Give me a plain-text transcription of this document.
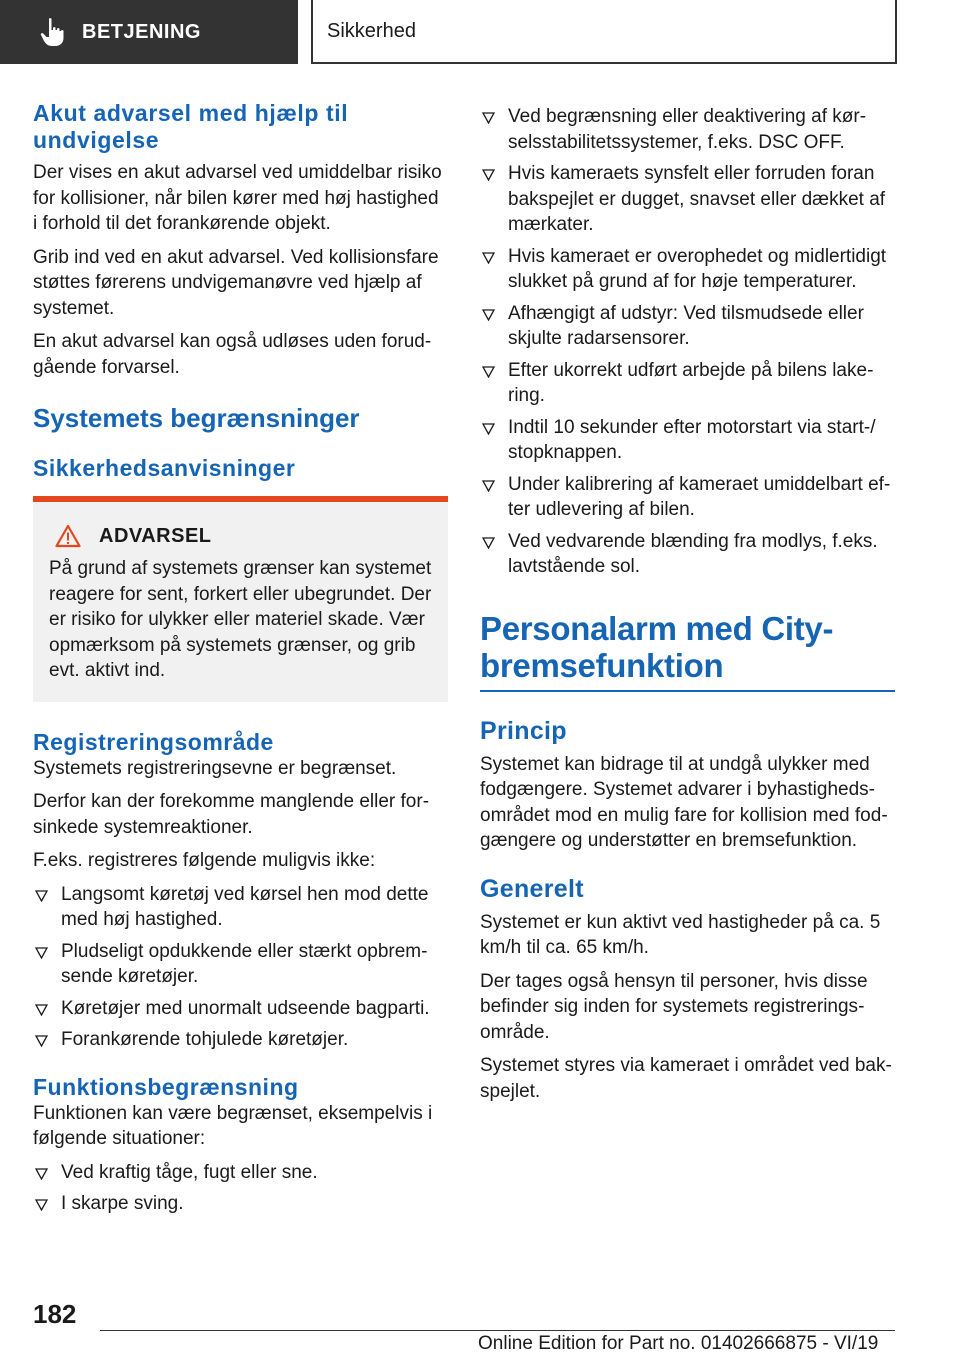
BETJENING	Sikkerhed
Akut advarsel med hjælp til undvigelse

Der vises en akut advarsel ved umiddelbar risiko for kollisioner, når bilen kører med høj hastighed i forhold til det forankørende objekt.

Grib ind ved en akut advarsel. Ved kollisionsfare støttes førerens undvigemanøvre ved hjælp af systemet.

En akut advarsel kan også udløses uden forudgående forvarsel.

Systemets begrænsninger
Sikkerhedsanvisninger
ADVARSEL

På grund af systemets grænser kan systemet reagere for sent, forkert eller ubegrundet. Der er risiko for ulykker eller materiel skade. Vær opmærksom på systemets grænser, og grib evt. aktivt ind.

Registreringsområde

Systemets registreringsevne er begrænset.

Derfor kan der forekomme manglende eller forsinkede systemreaktioner.

F.eks. registreres følgende muligvis ikke:

Langsomt køretøj ved kørsel hen mod dette med høj hastighed.
Pludseligt opdukkende eller stærkt opbremsende køretøjer.
Køretøjer med unormalt udseende bagparti.
Forankørende tohjulede køretøjer.
Funktionsbegrænsning

Funktionen kan være begrænset, eksempelvis i følgende situationer:

Ved kraftig tåge, fugt eller sne.
I skarpe sving.
Ved begrænsning eller deaktivering af kørselsstabilitetssystemer, f.eks. DSC OFF.
Hvis kameraets synsfelt eller forruden foran bakspejlet er dugget, snavset eller dækket af mærkater.
Hvis kameraet er overophedet og midlertidigt slukket på grund af for høje temperaturer.
Afhængigt af udstyr: Ved tilsmudsede eller skjulte radarsensorer.
Efter ukorrekt udført arbejde på bilens lakering.
Indtil 10 sekunder efter motorstart via start-/ stopknappen.
Under kalibrering af kameraet umiddelbart efter udlevering af bilen.
Ved vedvarende blænding fra modlys, f.eks. lavtstående sol.
Personalarm med City-bremsefunktion
Princip

Systemet kan bidrage til at undgå ulykker med fodgængere. Systemet advarer i byhastighedsområdet mod en mulig fare for kollision med fodgængere og understøtter en bremsefunktion.

Generelt

Systemet er kun aktivt ved hastigheder på ca. 5 km/h til ca. 65 km/h.

Der tages også hensyn til personer, hvis disse befinder sig inden for systemets registreringsområde.

Systemet styres via kameraet i området ved bakspejlet.

182
Online Edition for Part no. 01402666875 - VI/19
